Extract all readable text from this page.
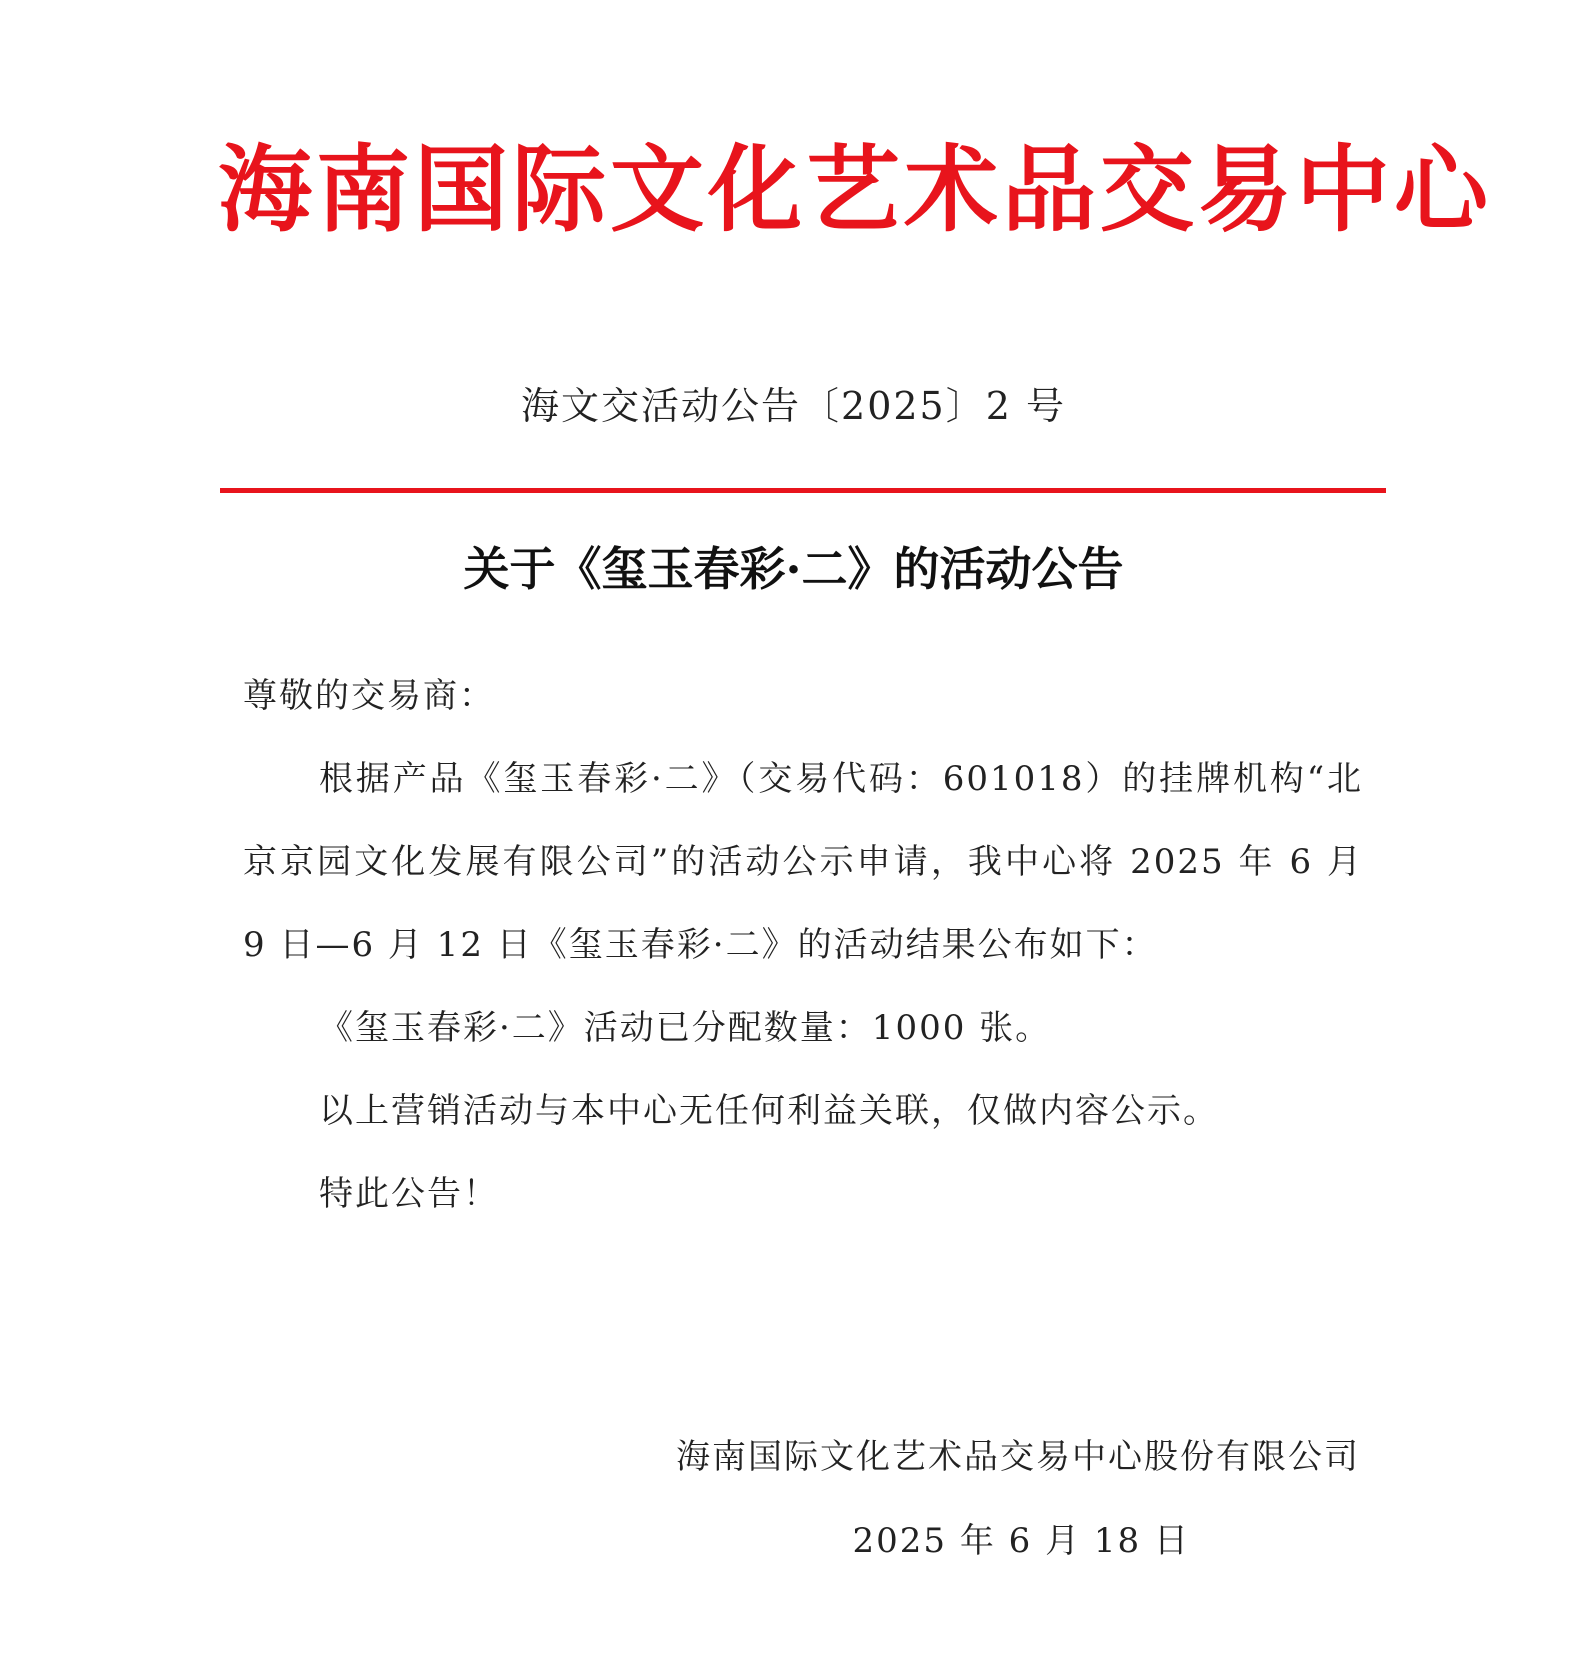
海南国际文化艺术品交易中心
海文交活动公告〔2025〕2 号
关于《玺玉春彩·二》的活动公告

尊敬的交易商：

根据产品《玺玉春彩·二》（交易代码：601018）的挂牌机构“北京京园文化发展有限公司”的活动公示申请，我中心将 2025 年 6 月 9 日—6 月 12 日《玺玉春彩·二》的活动结果公布如下：

《玺玉春彩·二》活动已分配数量：1000 张。

以上营销活动与本中心无任何利益关联，仅做内容公示。

特此公告！

海南国际文化艺术品交易中心股份有限公司
2025 年 6 月 18 日
